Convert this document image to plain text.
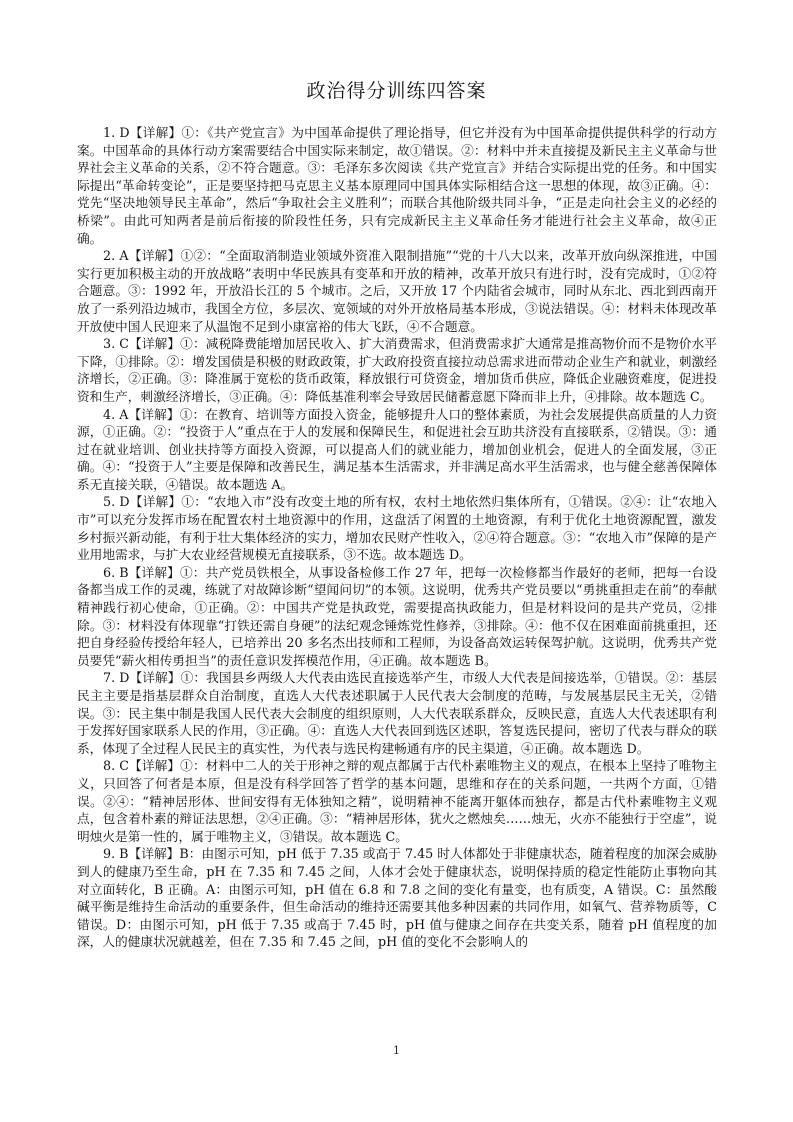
政治得分训练四答案

1. D【详解】①：《共产党宣言》为中国革命提供了理论指导，但它并没有为中国革命提供提供科学的行动方案。中国革命的具体行动方案需要结合中国实际来制定，故①错误。②：材料中并未直接提及新民主主义革命与世界社会主义革命的关系，②不符合题意。③：毛泽东多次阅读《共产党宣言》并结合实际提出党的任务。和中国实际提出“革命转变论”，正是要坚持把马克思主义基本原理同中国具体实际相结合这一思想的体现，故③正确。④：党先“坚决地领导民主革命”，然后“争取社会主义胜利”；而联合其他阶级共同斗争，“正是走向社会主义的必经的桥梁”。由此可知两者是前后衔接的阶段性任务，只有完成新民主主义革命任务才能进行社会主义革命，故④正确。

2. A【详解】①②：“全面取消制造业领域外资准入限制措施”“党的十八大以来，改革开放向纵深推进，中国实行更加积极主动的开放战略”表明中华民族具有变革和开放的精神，改革开放只有进行时，没有完成时，①②符合题意。③：1992 年，开放沿长江的 5 个城市。之后，又开放 17 个内陆省会城市，同时从东北、西北到西南开放了一系列沿边城市，我国全方位，多层次、宽领域的对外开放格局基本形成，③说法错误。④：材料未体现改革开放使中国人民迎来了从温饱不足到小康富裕的伟大飞跃，④不合题意。

3. C【详解】①：减税降费能增加居民收入、扩大消费需求，但消费需求扩大通常是推高物价而不是物价水平下降，①排除。②：增发国债是积极的财政政策，扩大政府投资直接拉动总需求进而带动企业生产和就业，刺激经济增长，②正确。③：降准属于宽松的货币政策，释放银行可贷资金，增加货币供应，降低企业融资难度，促进投资和生产，刺激经济增长，③正确。④：降低基准利率会导致居民储蓄意愿下降而非上升，④排除。故本题选 C。

4. A【详解】①：在教育、培训等方面投入资金，能够提升人口的整体素质，为社会发展提供高质量的人力资源，①正确。②：“投资于人”重点在于人的发展和保障民生，和促进社会互助共济没有直接联系，②错误。③：通过在就业培训、创业扶持等方面投入资源，可以提高人们的就业能力，增加创业机会，促进人的全面发展，③正确。④：“投资于人”主要是保障和改善民生，满足基本生活需求，并非满足高水平生活需求，也与健全慈善保障体系无直接关联，④错误。故本题选 A。

5. D【详解】①：“农地入市”没有改变土地的所有权，农村土地依然归集体所有，①错误。②④：让“农地入市”可以充分发挥市场在配置农村土地资源中的作用，这盘活了闲置的土地资源，有利于优化土地资源配置，激发乡村振兴新动能，有利于壮大集体经济的实力，增加农民财产性收入，②④符合题意。③：“农地入市”保障的是产业用地需求，与扩大农业经营规模无直接联系，③不选。故本题选 D。

6. B【详解】①：共产党员铁根全，从事设备检修工作 27 年，把每一次检修都当作最好的老师，把每一台设备都当成工作的灵魂，练就了对故障诊断“望闻问切”的本领。这说明，优秀共产党员要以“勇挑重担走在前”的奉献精神践行初心使命，①正确。②：中国共产党是执政党，需要提高执政能力，但是材料设问的是共产党员，②排除。③：材料没有体现靠“打铁还需自身硬”的法纪观念锤炼党性修养，③排除。④：他不仅在困难面前挑重担，还把自身经验传授给年轻人，已培养出 20 多名杰出技师和工程师，为设备高效运转保驾护航。这说明，优秀共产党员要凭“薪火相传勇担当”的责任意识发挥模范作用，④正确。故本题选 B。

7. D【详解】①：我国县乡两级人大代表由选民直接选举产生，市级人大代表是间接选举，①错误。②：基层民主主要是指基层群众自治制度，直选人大代表述职属于人民代表大会制度的范畴，与发展基层民主无关，②错误。③：民主集中制是我国人民代表大会制度的组织原则，人大代表联系群众，反映民意，直选人大代表述职有利于发挥好国家联系人民的作用，③正确。④：直选人大代表回到选区述职，答复选民提问，密切了代表与群众的联系，体现了全过程人民民主的真实性，为代表与选民构建畅通有序的民主渠道，④正确。故本题选 D。

8. C【详解】①：材料中二人的关于形神之辩的观点都属于古代朴素唯物主义的观点，在根本上坚持了唯物主义，只回答了何者是本原，但是没有科学回答了哲学的基本问题，思维和存在的关系问题，一共两个方面，①错误。②④：“精神居形体、世间安得有无体独知之精”，说明精神不能离开躯体而独存，都是古代朴素唯物主义观点，包含着朴素的辩证法思想，②④正确。③：“精神居形体，犹火之燃烛矣……烛无，火亦不能独行于空虚”，说明烛火是第一性的，属于唯物主义，③错误。故本题选 C。

9. B【详解】B：由图示可知，pH 低于 7.35 或高于 7.45 时人体都处于非健康状态，随着程度的加深会威胁到人的健康乃至生命，pH 在 7.35 和 7.45 之间，人体才会处于健康状态，说明保持质的稳定性能防止事物向其对立面转化，B 正确。A：由图示可知，pH 值在 6.8 和 7.8 之间的变化有量变，也有质变，A 错误。C：虽然酸碱平衡是维持生命活动的重要条件，但生命活动的维持还需要其他多种因素的共同作用，如氧气、营养物质等，C 错误。D：由图示可知，pH 低于 7.35 或高于 7.45 时，pH 值与健康之间存在共变关系，随着 pH 值程度的加深，人的健康状况就越差，但在 7.35 和 7.45 之间，pH 值的变化不会影响人的

1
